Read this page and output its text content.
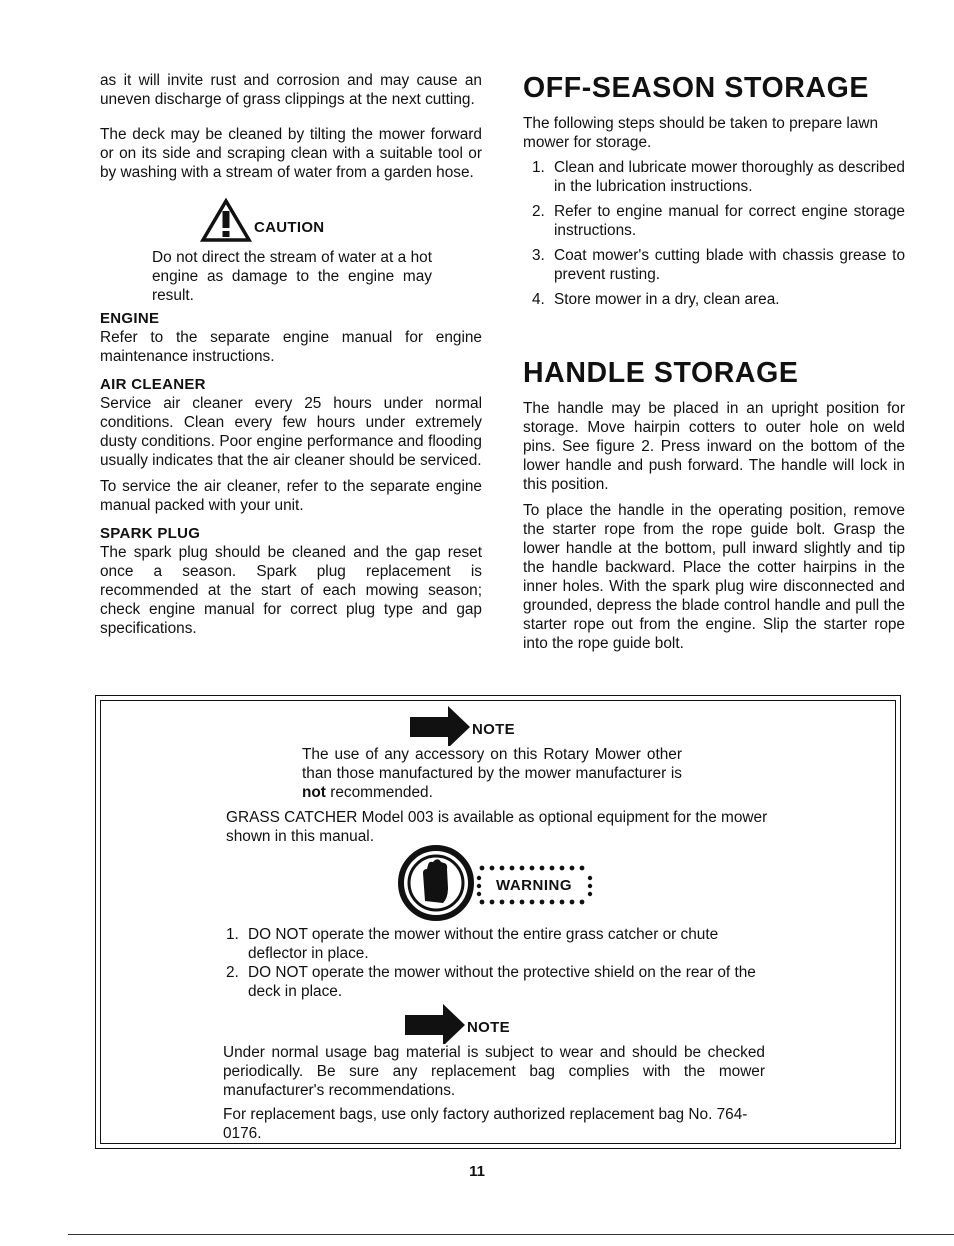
as it will invite rust and corrosion and may cause an uneven discharge of grass clippings at the next cutting.

The deck may be cleaned by tilting the mower forward or on its side and scraping clean with a suitable tool or by washing with a stream of water from a garden hose.

CAUTION

Do not direct the stream of water at a hot engine as damage to the engine may result.

ENGINE

Refer to the separate engine manual for engine maintenance instructions.

AIR CLEANER

Service air cleaner every 25 hours under normal conditions. Clean every few hours under extremely dusty conditions. Poor engine performance and flooding usually indicates that the air cleaner should be serviced.

To service the air cleaner, refer to the separate engine manual packed with your unit.

SPARK PLUG

The spark plug should be cleaned and the gap reset once a season. Spark plug replacement is recommended at the start of each mowing season; check engine manual for correct plug type and gap specifications.

OFF-SEASON STORAGE

The following steps should be taken to prepare lawn mower for storage.

1. Clean and lubricate mower thoroughly as described in the lubrication instructions.
2. Refer to engine manual for correct engine storage instructions.
3. Coat mower's cutting blade with chassis grease to prevent rusting.
4. Store mower in a dry, clean area.
HANDLE STORAGE

The handle may be placed in an upright position for storage. Move hairpin cotters to outer hole on weld pins. See figure 2. Press inward on the bottom of the lower handle and push forward. The handle will lock in this position.

To place the handle in the operating position, remove the starter rope from the rope guide bolt. Grasp the lower handle at the bottom, pull inward slightly and tip the handle backward. Place the cotter hairpins in the inner holes. With the spark plug wire disconnected and grounded, depress the blade control handle and pull the starter rope out from the engine. Slip the starter rope into the rope guide bolt.

NOTE

The use of any accessory on this Rotary Mower other than those manufactured by the mower manufacturer is not recommended.

GRASS CATCHER Model 003 is available as optional equipment for the mower shown in this manual.

WARNING
1. DO NOT operate the mower without the entire grass catcher or chute deflector in place.
2. DO NOT operate the mower without the protective shield on the rear of the deck in place.
NOTE

Under normal usage bag material is subject to wear and should be checked periodically. Be sure any replacement bag complies with the mower manufacturer's recommendations.

For replacement bags, use only factory authorized replacement bag No. 764-0176.

11
